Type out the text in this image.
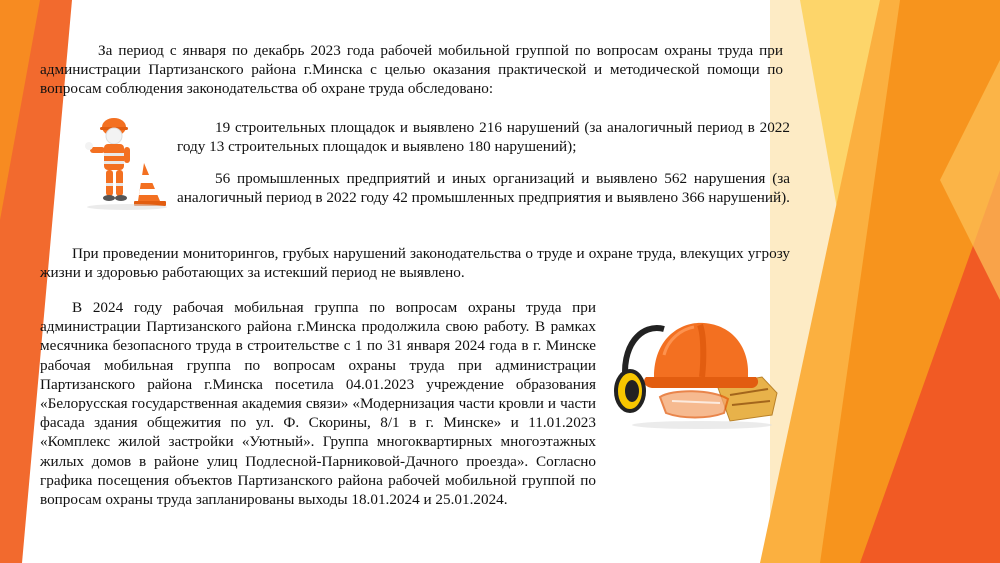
За период с января по декабрь 2023 года рабочей мобильной группой по вопросам охраны труда при администрации Партизанского района г.Минска с целью оказания практической и методической помощи по вопросам соблюдения законодательства об охране труда обследовано:

19 строительных площадок и выявлено 216 нарушений (за аналогичный период в 2022 году 13 строительных площадок и выявлено 180 нарушений);

56 промышленных предприятий и иных организаций и выявлено 562 нарушения (за аналогичный период в 2022 году 42 промышленных предприятия и выявлено 366 нарушений).

При проведении мониторингов, грубых нарушений законодательства о труде и охране труда, влекущих угрозу жизни и здоровью работающих за истекший период не выявлено.

В 2024 году рабочая мобильная группа по вопросам охраны труда при администрации Партизанского района г.Минска продолжила свою работу. В рамках месячника безопасного труда в строительстве с 1 по 31 января 2024 года в г. Минске рабочая мобильная группа по вопросам охраны труда при администрации Партизанского района г.Минска посетила 04.01.2023 учреждение образования «Белорусская государственная академия связи» «Модернизация части кровли и части фасада здания общежития по ул. Ф. Скорины, 8/1 в г. Минске» и 11.01.2023 «Комплекс жилой застройки «Уютный». Группа многоквартирных многоэтажных жилых домов в районе улиц Подлесной-Парниковой-Дачного проезда». Согласно графика посещения объектов Партизанского района рабочей мобильной группой по вопросам охраны труда запланированы выходы 18.01.2024 и 25.01.2024.
